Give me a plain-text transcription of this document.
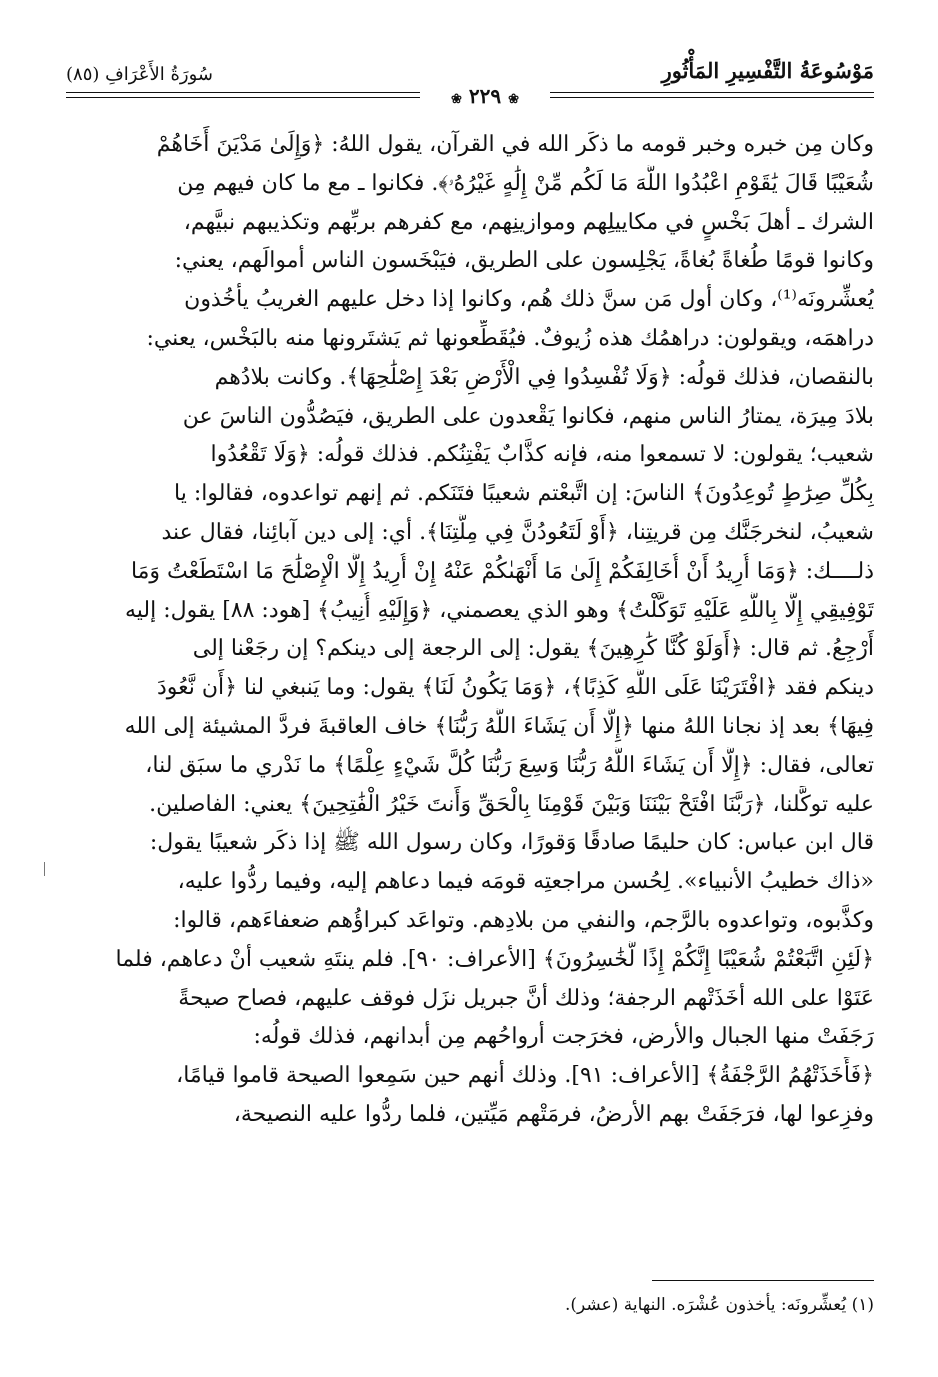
مَوْسُوعَةُ التَّفْسِيرِ المَأْثُورِ
سُورَةُ الأَعْرَافِ (٨٥)
❀ ٢٢٩ ❀
وكان مِن خبره وخبر قومه ما ذكَر الله في القرآن، يقول اللهُ: ﴿وَإِلَىٰ مَدْيَنَ أَخَاهُمْ
شُعَيْبًا قَالَ يَٰقَوْمِ اعْبُدُوا اللَّهَ مَا لَكُم مِّنْ إِلَٰهٍ غَيْرُهُۥ﴾. فكانوا ـ مع ما كان فيهم مِن
الشرك ـ أهلَ بَخْسٍ في مكاييلِهم وموازينِهم، مع كفرهم بربِّهم وتكذيبهم نبيَّهم،
وكانوا قومًا طُغاةً بُغاةً، يَجْلِسون على الطريق، فيَبْخَسون الناس أموالَهم، يعني:
يُعشِّرونَه⁽¹⁾، وكان أول مَن سنَّ ذلك هُم، وكانوا إذا دخل عليهم الغريبُ يأخُذون
دراهمَه، ويقولون: دراهمُك هذه زُيوفٌ. فيُقَطِّعونها ثم يَشتَرونها منه بالبَخْس، يعني:
بالنقصان، فذلك قولُه: ﴿وَلَا تُفْسِدُوا فِي الْأَرْضِ بَعْدَ إِصْلَٰحِهَا﴾. وكانت بلادُهم
بلادَ مِيرَة، يمتارُ الناس منهم، فكانوا يَقْعدون على الطريق، فيَصُدُّون الناسَ عن
شعيب؛ يقولون: لا تسمعوا منه، فإنه كذَّابٌ يَفْتِنُكم. فذلك قولُه: ﴿وَلَا تَقْعُدُوا
بِكُلِّ صِرَٰطٍ تُوعِدُونَ﴾ الناسَ: إن اتَّبعْتم شعيبًا فتَنَكم. ثم إنهم تواعدوه، فقالوا: يا
شعيبُ، لنخرجَنَّك مِن قريتِنا، ﴿أَوْ لَتَعُودُنَّ فِي مِلَّتِنَا﴾. أي: إلى دين آبائِنا، فقال عند
ذلــــك: ﴿وَمَا أُرِيدُ أَنْ أُخَالِفَكُمْ إِلَىٰ مَا أَنْهَىٰكُمْ عَنْهُ إِنْ أُرِيدُ إِلَّا الْإِصْلَٰحَ مَا اسْتَطَعْتُ وَمَا
تَوْفِيقِي إِلَّا بِاللَّهِ عَلَيْهِ تَوَكَّلْتُ﴾ وهو الذي يعصمني، ﴿وَإِلَيْهِ أُنِيبُ﴾ [هود: ٨٨] يقول: إليه
أَرْجِعُ. ثم قال: ﴿أَوَلَوْ كُنَّا كَٰرِهِينَ﴾ يقول: إلى الرجعة إلى دينكم؟ إن رجَعْنا إلى
دينكم فقد ﴿افْتَرَيْنَا عَلَى اللَّهِ كَذِبًا﴾، ﴿وَمَا يَكُونُ لَنَا﴾ يقول: وما يَنبغي لنا ﴿أَن نَّعُودَ
فِيهَا﴾ بعد إذ نجانا اللهُ منها ﴿إِلَّا أَن يَشَاءَ اللَّهُ رَبُّنَا﴾ خاف العاقبةَ فردَّ المشيئة إلى الله
تعالى، فقال: ﴿إِلَّا أَن يَشَاءَ اللَّهُ رَبُّنَا وَسِعَ رَبُّنَا كُلَّ شَيْءٍ عِلْمًا﴾ ما نَدْري ما سبَق لنا،
عليه توكَّلنا، ﴿رَبَّنَا افْتَحْ بَيْنَنَا وَبَيْنَ قَوْمِنَا بِالْحَقِّ وَأَنتَ خَيْرُ الْفَٰتِحِينَ﴾ يعني: الفاصلين.
قال ابن عباس: كان حليمًا صادقًا وَقورًا، وكان رسول الله ﷺ إذا ذكَر شعيبًا يقول:
«ذاك خطيبُ الأنبياء». لِحُسن مراجعتِه قومَه فيما دعاهم إليه، وفيما ردُّوا عليه،
وكذَّبوه، وتواعدوه بالرَّجم، والنفي من بلادِهم. وتواعَد كبراؤُهم ضعفاءَهم، قالوا:
﴿لَئِنِ اتَّبَعْتُمْ شُعَيْبًا إِنَّكُمْ إِذًا لَّخَٰسِرُونَ﴾ [الأعراف: ٩٠]. فلم ينتَهِ شعيب أنْ دعاهم، فلما
عَتَوْا على الله أخَذَتْهم الرجفة؛ وذلك أنَّ جبريل نزَل فوقف عليهم، فصاح صيحةً
رَجَفَتْ منها الجبال والأرض، فخرَجت أرواحُهم مِن أبدانهم، فذلك قولُه:
﴿فَأَخَذَتْهُمُ الرَّجْفَةُ﴾ [الأعراف: ٩١]. وذلك أنهم حين سَمِعوا الصيحة قاموا قيامًا،
وفزِعوا لها، فرَجَفَتْ بهم الأرضُ، فرمَتْهم مَيِّتين، فلما ردُّوا عليه النصيحة،
(١) يُعشِّرونَه: يأخذون عُشْرَه. النهاية (عشر).
